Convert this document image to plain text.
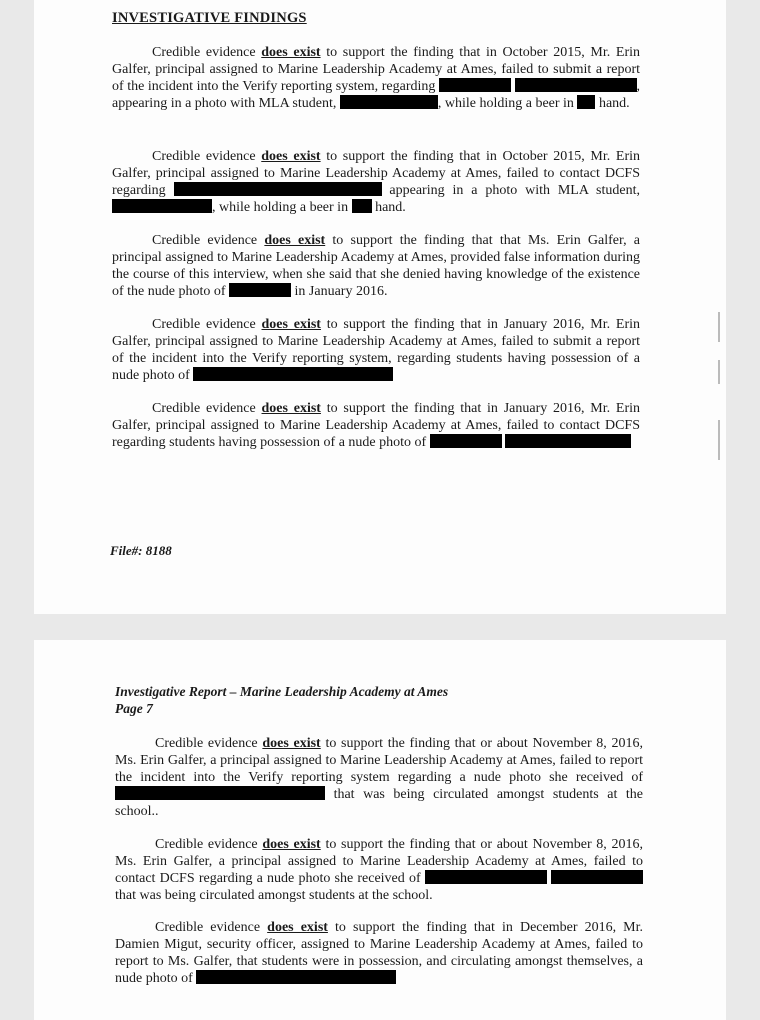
INVESTIGATIVE FINDINGS
Credible evidence does exist to support the finding that in October 2015, Mr. Erin Galfer, principal assigned to Marine Leadership Academy at Ames, failed to submit a report of the incident into the Verify reporting system, regarding	, appearing in a photo with MLA student,	, while holding a beer in hand.
Credible evidence does exist to support the finding that in October 2015, Mr. Erin Galfer, principal assigned to Marine Leadership Academy at Ames, failed to contact DCFS regarding	appearing in a photo with MLA student, , while holding a beer in hand.
Credible evidence does exist to support the finding that that Ms. Erin Galfer, a principal assigned to Marine Leadership Academy at Ames, provided false information during the course of this interview, when she said that she denied having knowledge of the existence of the nude photo of	in January 2016.
Credible evidence does exist to support the finding that in January 2016, Mr. Erin Galfer, principal assigned to Marine Leadership Academy at Ames, failed to submit a report of the incident into the Verify reporting system, regarding students having possession of a nude photo of
Credible evidence does exist to support the finding that in January 2016, Mr. Erin Galfer, principal assigned to Marine Leadership Academy at Ames, failed to contact DCFS regarding students having possession of a nude photo of
File#: 8188
Investigative Report – Marine Leadership Academy at Ames
Page 7
Credible evidence does exist to support the finding that or about November 8, 2016, Ms. Erin Galfer, a principal assigned to Marine Leadership Academy at Ames, failed to report the incident into the Verify reporting system regarding a nude photo she received of  that was being circulated amongst students at the school..
Credible evidence does exist to support the finding that or about November 8, 2016, Ms. Erin Galfer, a principal assigned to Marine Leadership Academy at Ames, failed to contact DCFS regarding a nude photo she received of  that was being circulated amongst students at the school.
Credible evidence does exist to support the finding that in December 2016, Mr. Damien Migut, security officer, assigned to Marine Leadership Academy at Ames, failed to report to Ms. Galfer, that students were in possession, and circulating amongst themselves, a nude photo of
